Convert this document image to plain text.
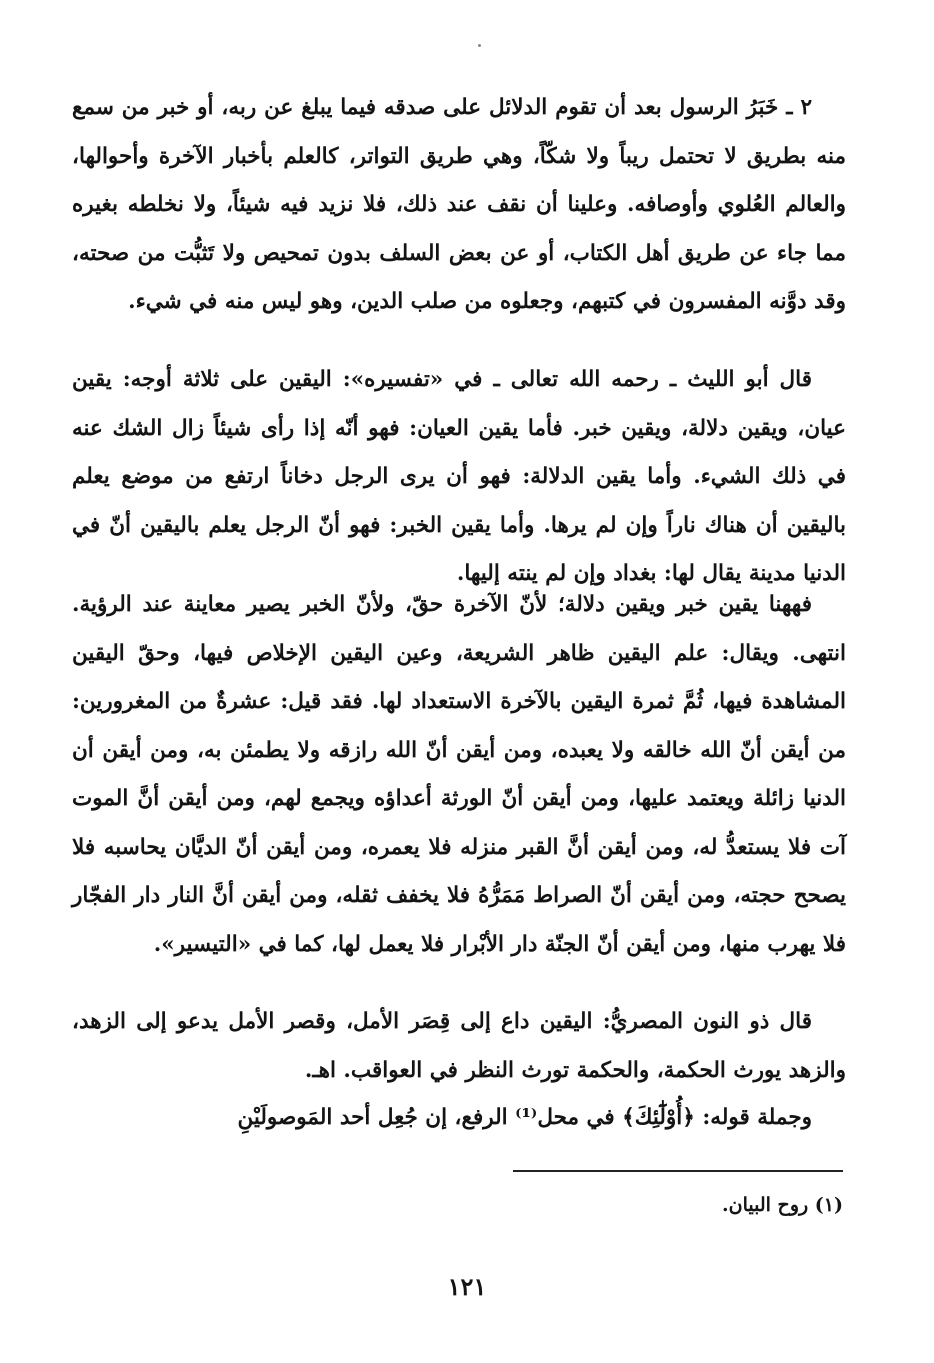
٢ ـ خَبَرُ الرسول بعد أن تقوم الدلائل على صدقه فيما يبلغ عن ربه، أو خبر من سمع منه بطريق لا تحتمل ريباً ولا شكّاً، وهي طريق التواتر، كالعلم بأخبار الآخرة وأحوالها، والعالم العُلوي وأوصافه. وعلينا أن نقف عند ذلك، فلا نزيد فيه شيئاً، ولا نخلطه بغيره مما جاء عن طريق أهل الكتاب، أو عن بعض السلف بدون تمحيص ولا تَثبُّت من صحته، وقد دوَّنه المفسرون في كتبهم، وجعلوه من صلب الدين، وهو ليس منه في شيء.

قال أبو الليث ـ رحمه الله تعالى ـ في «تفسيره»: اليقين على ثلاثة أوجه: يقين عيان، ويقين دلالة، ويقين خبر. فأما يقين العيان: فهو أنّه إذا رأى شيئاً زال الشك عنه في ذلك الشيء. وأما يقين الدلالة: فهو أن يرى الرجل دخاناً ارتفع من موضع يعلم باليقين أن هناك ناراً وإن لم يرها. وأما يقين الخبر: فهو أنّ الرجل يعلم باليقين أنّ في الدنيا مدينة يقال لها: بغداد وإن لم ينته إليها.

فههنا يقين خبر ويقين دلالة؛ لأنّ الآخرة حقّ، ولأنّ الخبر يصير معاينة عند الرؤية. انتهى. ويقال: علم اليقين ظاهر الشريعة، وعين اليقين الإخلاص فيها، وحقّ اليقين المشاهدة فيها، ثُمَّ ثمرة اليقين بالآخرة الاستعداد لها. فقد قيل: عشرةٌ من المغرورين: من أيقن أنّ الله خالقه ولا يعبده، ومن أيقن أنّ الله رازقه ولا يطمئن به، ومن أيقن أن الدنيا زائلة ويعتمد عليها، ومن أيقن أنّ الورثة أعداؤه ويجمع لهم، ومن أيقن أنَّ الموت آت فلا يستعدُّ له، ومن أيقن أنَّ القبر منزله فلا يعمره، ومن أيقن أنّ الديَّان يحاسبه فلا يصحح حجته، ومن أيقن أنّ الصراط مَمَرُّهُ فلا يخفف ثقله، ومن أيقن أنَّ النار دار الفجّار فلا يهرب منها، ومن أيقن أنّ الجنّة دار الأبْرار فلا يعمل لها، كما في «التيسير».

قال ذو النون المصريُّ: اليقين داع إلى قِصَر الأمل، وقصر الأمل يدعو إلى الزهد، والزهد يورث الحكمة، والحكمة تورث النظر في العواقب. اهـ.

وجملة قوله: ﴿أُوْلَٰٓئِكَ﴾ في محل⁽¹⁾ الرفع، إن جُعِل أحد المَوصولَيْنِ

(١) روح البيان.
١٢١
